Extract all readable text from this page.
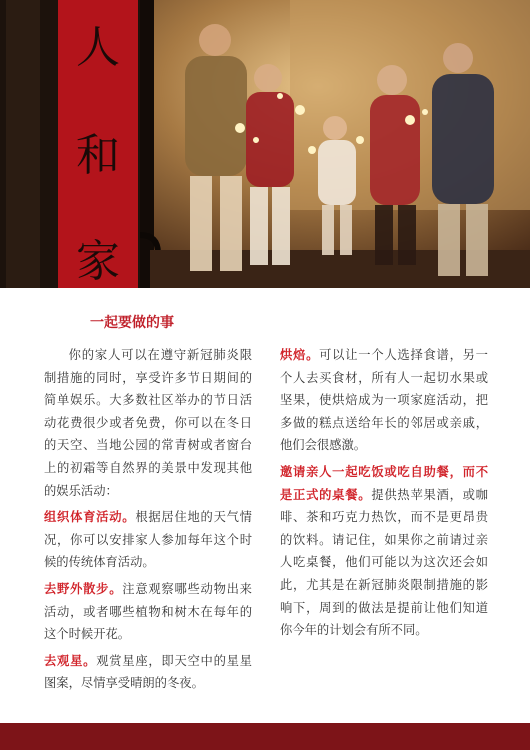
人
和
家
一起要做的事

你的家人可以在遵守新冠肺炎限制措施的同时，享受许多节日期间的简单娱乐。大多数社区举办的节日活动花费很少或者免费，你可以在冬日的天空、当地公园的常青树或者窗台上的初霜等自然界的美景中发现其他的娱乐活动：

组织体育活动。根据居住地的天气情况，你可以安排家人参加每年这个时候的传统体育活动。

去野外散步。注意观察哪些动物出来活动，或者哪些植物和树木在每年的这个时候开花。

去观星。观赏星座，即天空中的星星图案，尽情享受晴朗的冬夜。

烘焙。可以让一个人选择食谱，另一个人去买食材，所有人一起切水果或坚果，使烘焙成为一项家庭活动，把多做的糕点送给年长的邻居或亲戚，他们会很感激。

邀请亲人一起吃饭或吃自助餐，而不是正式的桌餐。提供热苹果酒，或咖啡、茶和巧克力热饮，而不是更昂贵的饮料。请记住，如果你之前请过亲人吃桌餐，他们可能以为这次还会如此，尤其是在新冠肺炎限制措施的影响下，周到的做法是提前让他们知道你今年的计划会有所不同。
